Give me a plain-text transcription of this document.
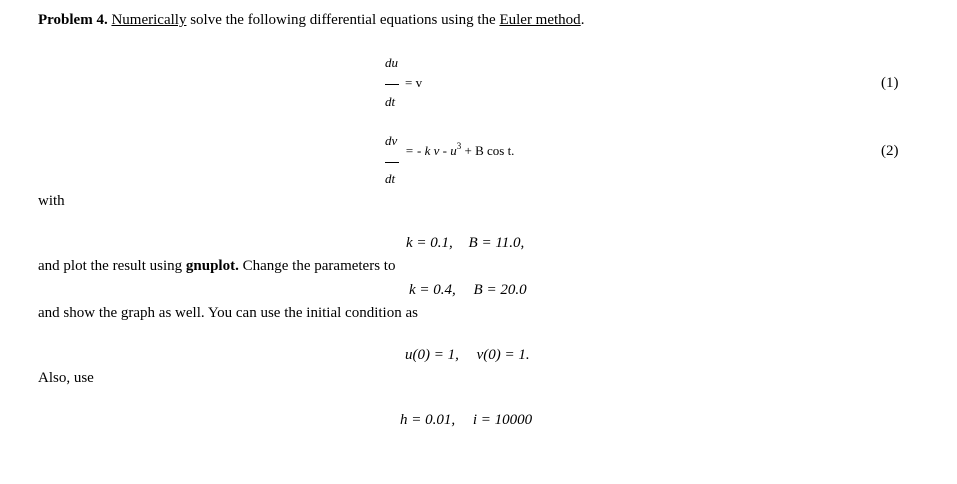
Problem 4. Numerically solve the following differential equations using the Euler method.
du
= v
dt
(1)
dv
= - k $v - u^3 + B$ cos t.
dt
(2)
with
k = 0.1, B = 11.0,
and plot the result using gnuplot. Change the parameters to
k = 0.4, B = 20.0
and show the graph as well. You can use the initial condition as
u(0) = 1, v(0) = 1.
Also, use
h = 0.01, i = 10000
